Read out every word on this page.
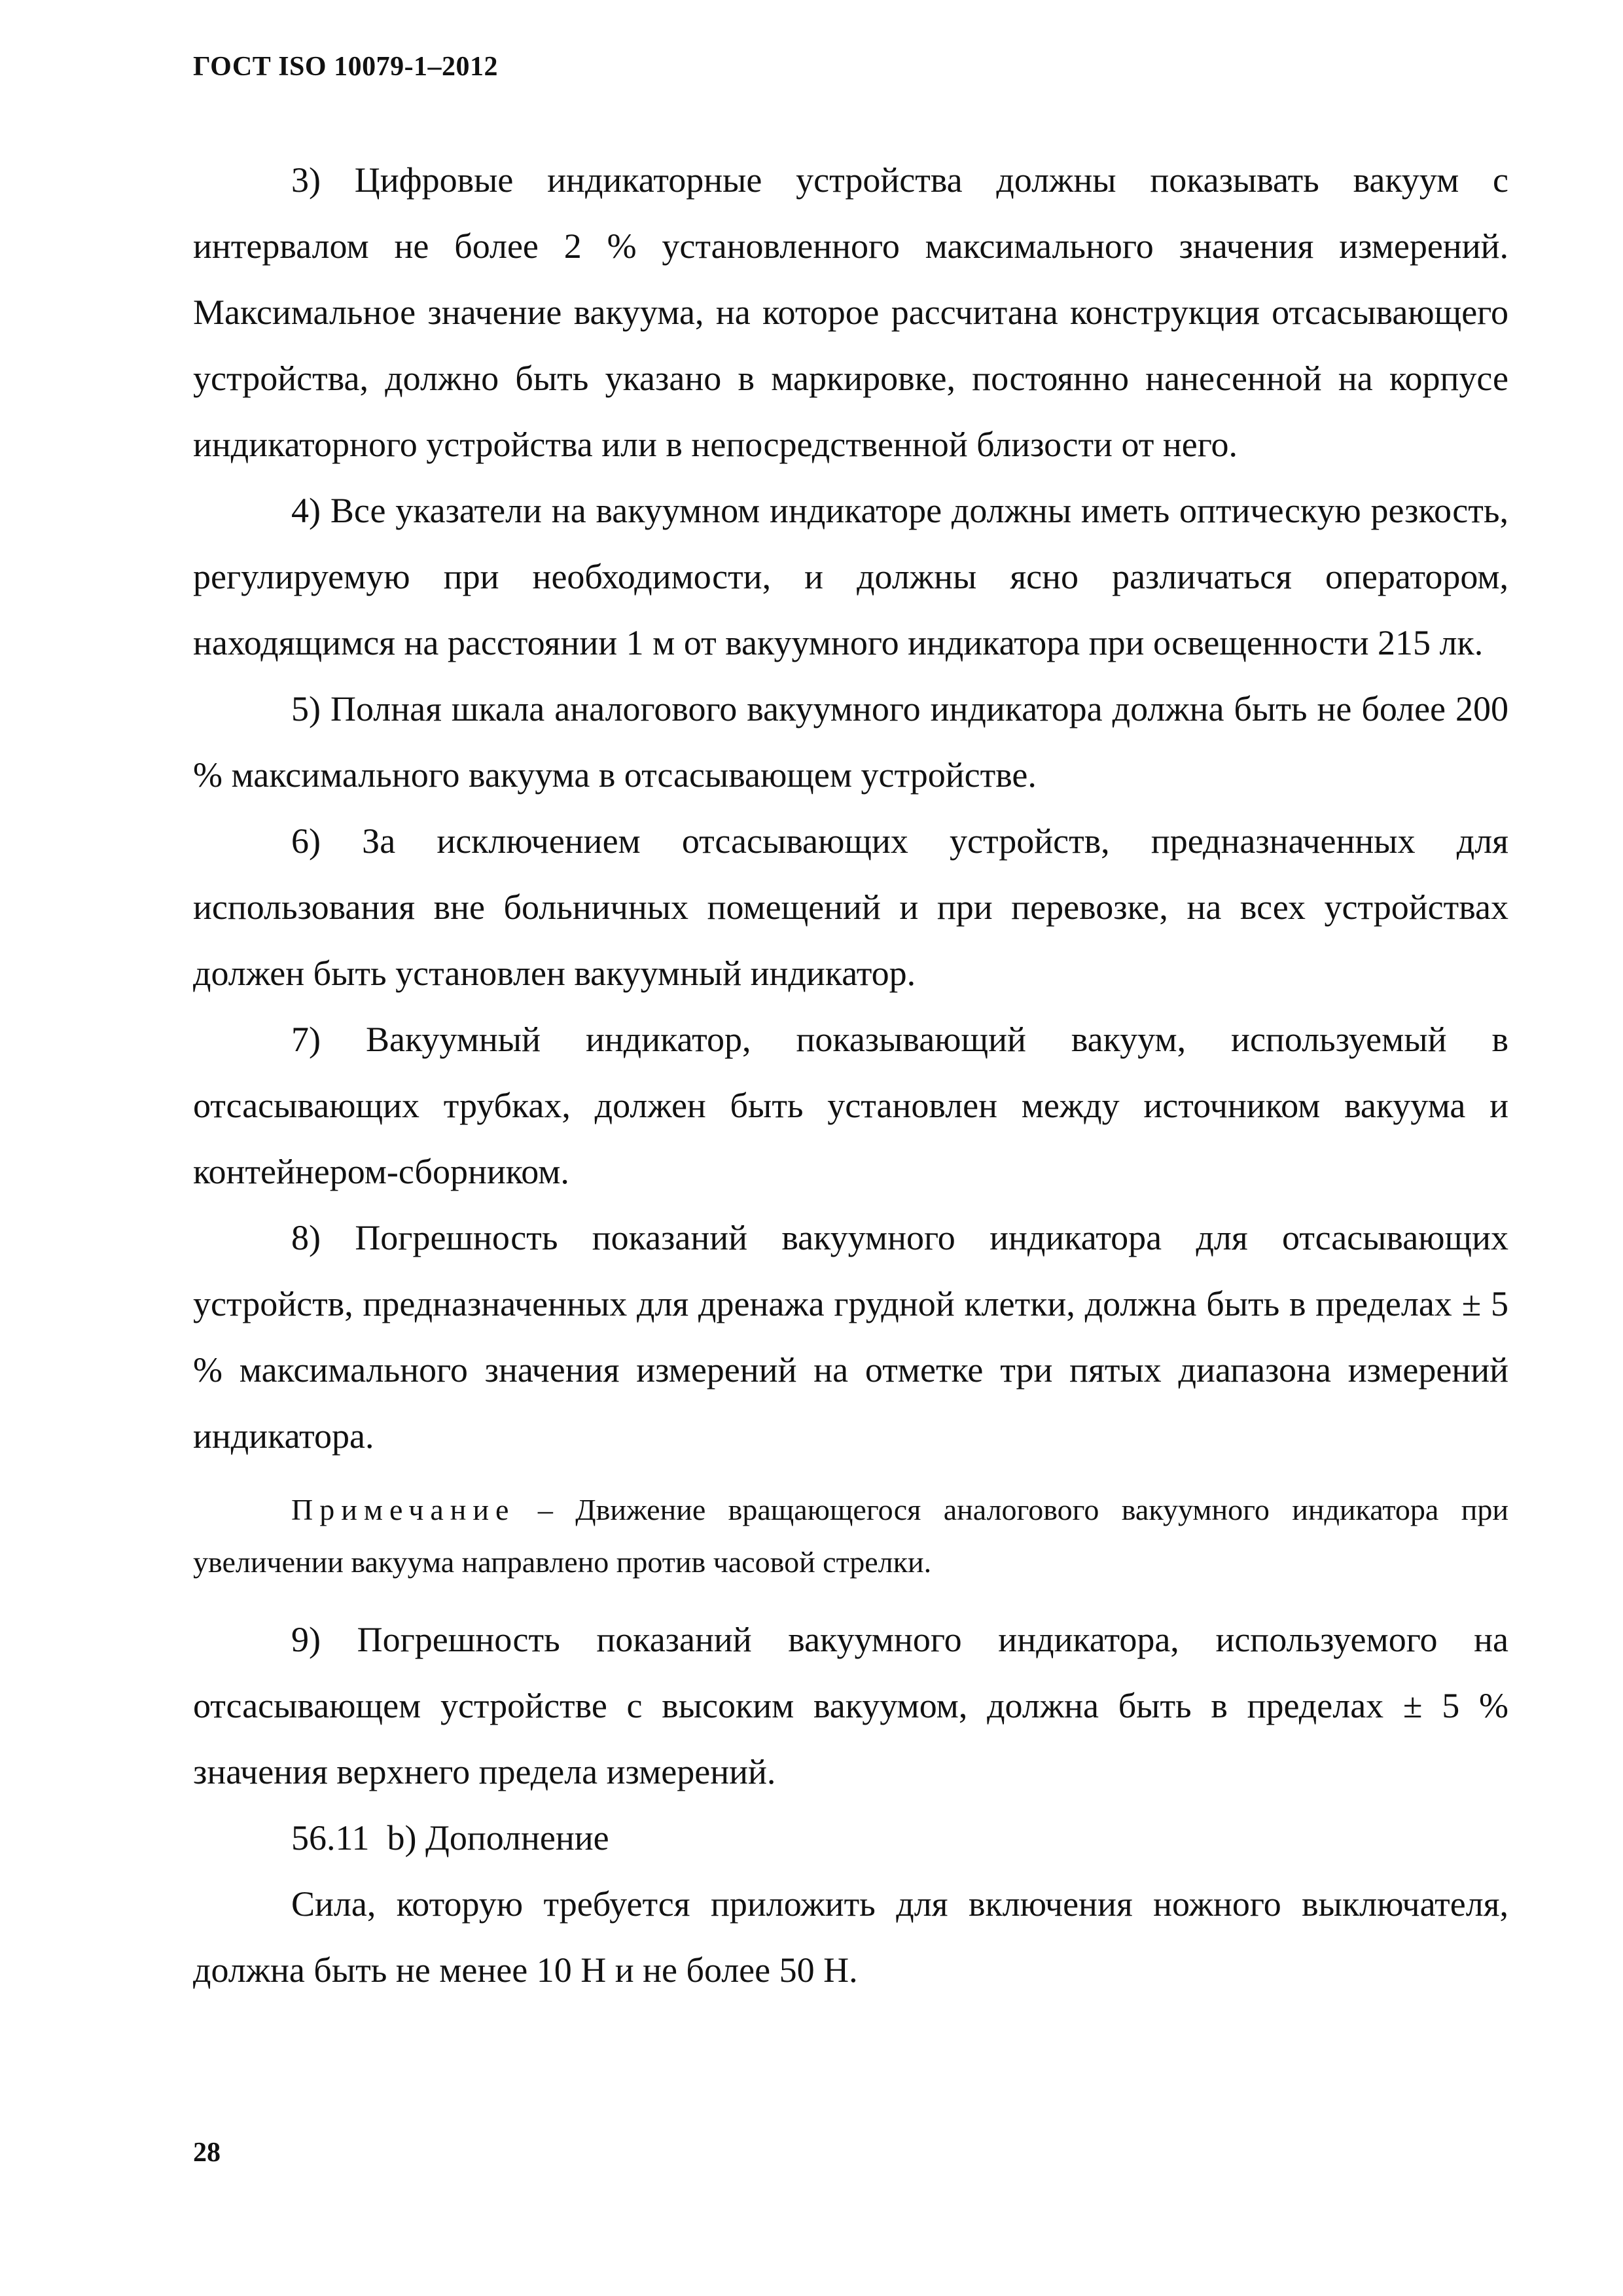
ГОСТ ISO 10079-1–2012

3) Цифровые индикаторные устройства должны показывать вакуум с интервалом не более 2 % установленного максимального значения измерений. Максимальное значение вакуума, на которое рассчитана конструкция отсасывающего устройства, должно быть указано в маркировке, постоянно нанесенной на корпусе индикаторного устройства или в непосредственной близости от него.

4) Все указатели на вакуумном индикаторе должны иметь оптическую резкость, регулируемую при необходимости, и должны ясно различаться оператором, находящимся на расстоянии 1 м от вакуумного индикатора при освещенности 215 лк.

5) Полная шкала аналогового вакуумного индикатора должна быть не более 200 % максимального вакуума в отсасывающем устройстве.

6) За исключением отсасывающих устройств, предназначенных для использования вне больничных помещений и при перевозке, на всех устройствах должен быть установлен вакуумный индикатор.

7) Вакуумный индикатор, показывающий вакуум, используемый в отсасывающих трубках, должен быть установлен между источником вакуума и контейнером-сборником.

8) Погрешность показаний вакуумного индикатора для отсасывающих устройств, предназначенных для дренажа грудной клетки, должна быть в пределах ± 5 % максимального значения измерений на отметке три пятых диапазона измерений индикатора.

Примечание – Движение вращающегося аналогового вакуумного индикатора при увеличении вакуума направлено против часовой стрелки.

9) Погрешность показаний вакуумного индикатора, используемого на отсасывающем устройстве с высоким вакуумом, должна быть в пределах ± 5 % значения верхнего предела измерений.

56.11 b) Дополнение

Сила, которую требуется приложить для включения ножного выключателя, должна быть не менее 10 Н и не более 50 Н.

28
